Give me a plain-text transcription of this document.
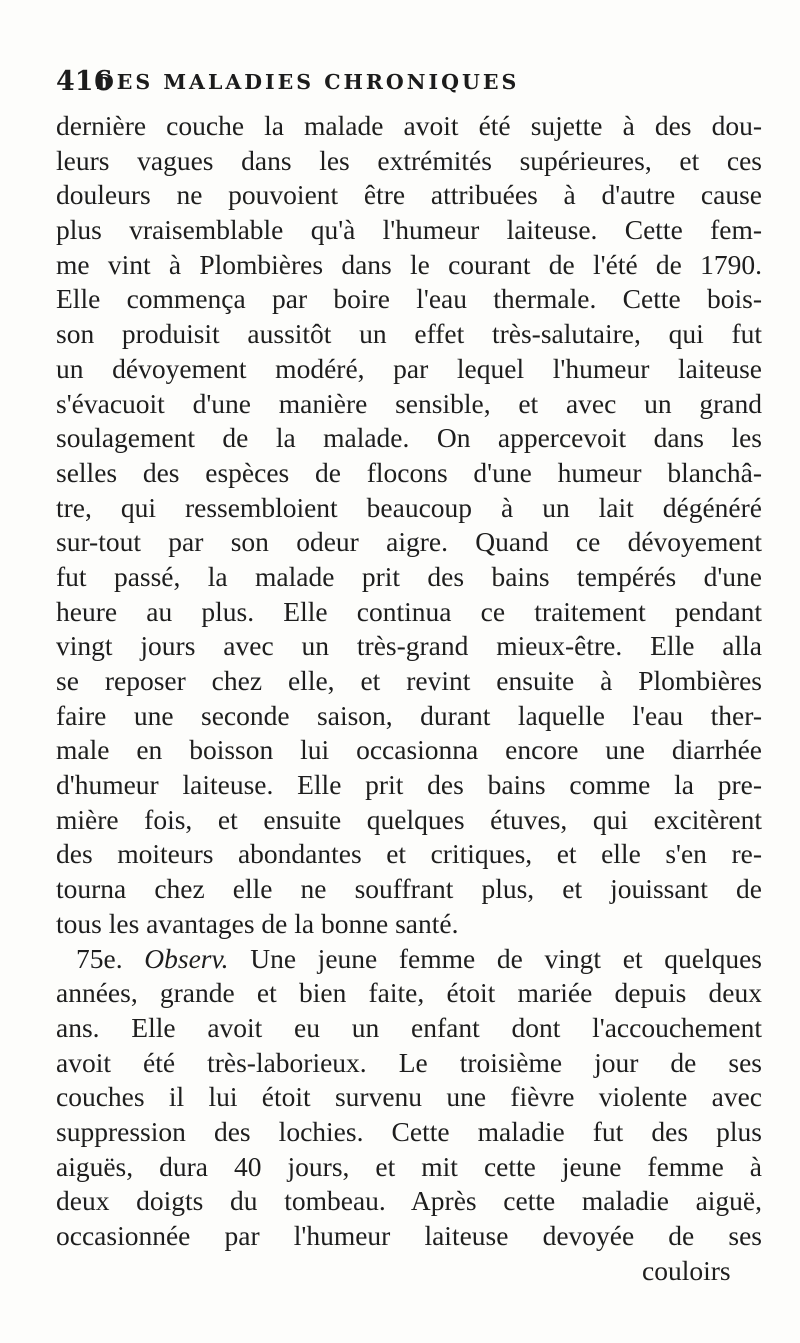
416
DES MALADIES CHRONIQUES
dernière couche la malade avoit été sujette à des dou-
leurs vagues dans les extrémités supérieures, et ces
douleurs ne pouvoient être attribuées à d'autre cause
plus vraisemblable qu'à l'humeur laiteuse. Cette fem-
me vint à Plombières dans le courant de l'été de 1790.
Elle commença par boire l'eau thermale. Cette bois-
son produisit aussitôt un effet très-salutaire, qui fut
un dévoyement modéré, par lequel l'humeur laiteuse
s'évacuoit d'une manière sensible, et avec un grand
soulagement de la malade. On appercevoit dans les
selles des espèces de flocons d'une humeur blanchâ-
tre, qui ressembloient beaucoup à un lait dégénéré
sur-tout par son odeur aigre. Quand ce dévoyement
fut passé, la malade prit des bains tempérés d'une
heure au plus. Elle continua ce traitement pendant
vingt jours avec un très-grand mieux-être. Elle alla
se reposer chez elle, et revint ensuite à Plombières
faire une seconde saison, durant laquelle l'eau ther-
male en boisson lui occasionna encore une diarrhée
d'humeur laiteuse. Elle prit des bains comme la pre-
mière fois, et ensuite quelques étuves, qui excitèrent
des moiteurs abondantes et critiques, et elle s'en re-
tourna chez elle ne souffrant plus, et jouissant de
tous les avantages de la bonne santé.
75e. Observ. Une jeune femme de vingt et quelques
années, grande et bien faite, étoit mariée depuis deux
ans. Elle avoit eu un enfant dont l'accouchement
avoit été très-laborieux. Le troisième jour de ses
couches il lui étoit survenu une fièvre violente avec
suppression des lochies. Cette maladie fut des plus
aiguës, dura 40 jours, et mit cette jeune femme à
deux doigts du tombeau. Après cette maladie aiguë,
occasionnée par l'humeur laiteuse devoyée de ses
couloirs
